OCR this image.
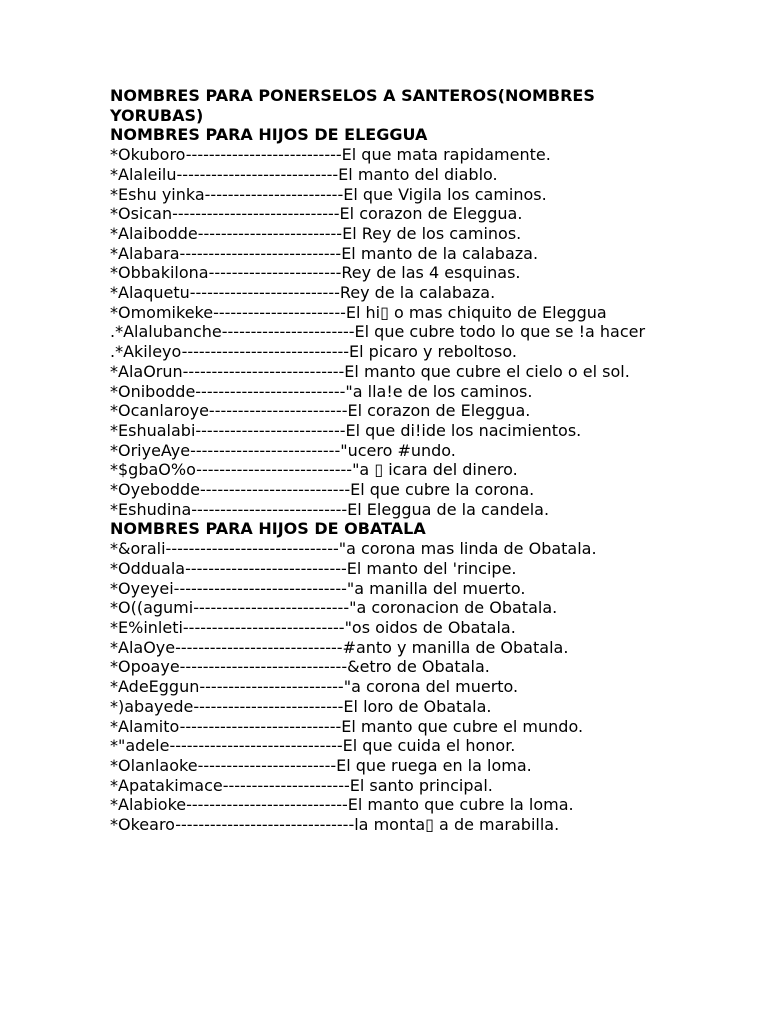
NOMBRES PARA PONERSELOS A SANTEROS(NOMBRES YORUBAS)
NOMBRES PARA HIJOS DE ELEGGUA
*Okuboro---------------------------El que mata rapidamente.
*Alaleilu----------------------------El manto del diablo.
*Eshu yinka------------------------El que Vigila los caminos.
*Osican-----------------------------El corazon de Eleggua.
*Alaibodde-------------------------El Rey de los caminos.
*Alabara----------------------------El manto de la calabaza.
*Obbakilona-----------------------Rey de las 4 esquinas.
*Alaquetu--------------------------Rey de la calabaza.
*Omomikeke-----------------------El hi▯ o mas chiquito de Eleggua
.*Alalubanche-----------------------El que cubre todo lo que se !a hacer
.*Akileyo-----------------------------El picaro y reboltoso.
*AlaOrun----------------------------El manto que cubre el cielo o el sol.
*Onibodde--------------------------"a lla!e de los caminos.
*Ocanlaroye------------------------El corazon de Eleggua.
*Eshualabi--------------------------El que di!ide los nacimientos.
*OriyeAye--------------------------"ucero #undo.
*$gbaO%o---------------------------"a ▯ icara del dinero.
*Oyebodde--------------------------El que cubre la corona.
*Eshudina---------------------------El Eleggua de la candela.
NOMBRES PARA HIJOS DE OBATALA
*&orali------------------------------"a corona mas linda de Obatala.
*Odduala----------------------------El manto del 'rincipe.
*Oyeyei------------------------------"a manilla del muerto.
*O((agumi---------------------------"a coronacion de Obatala.
*E%inleti----------------------------"os oidos de Obatala.
*AlaOye-----------------------------#anto y manilla de Obatala.
*Opoaye-----------------------------&etro de Obatala.
*AdeEggun-------------------------"a corona del muerto.
*)abayede--------------------------El loro de Obatala.
*Alamito----------------------------El manto que cubre el mundo.
*"adele------------------------------El que cuida el honor.
*Olanlaoke------------------------El que ruega en la loma.
*Apatakimace----------------------El santo principal.
*Alabioke----------------------------El manto que cubre la loma.
*Okearo-------------------------------la monta▯ a de marabilla.
